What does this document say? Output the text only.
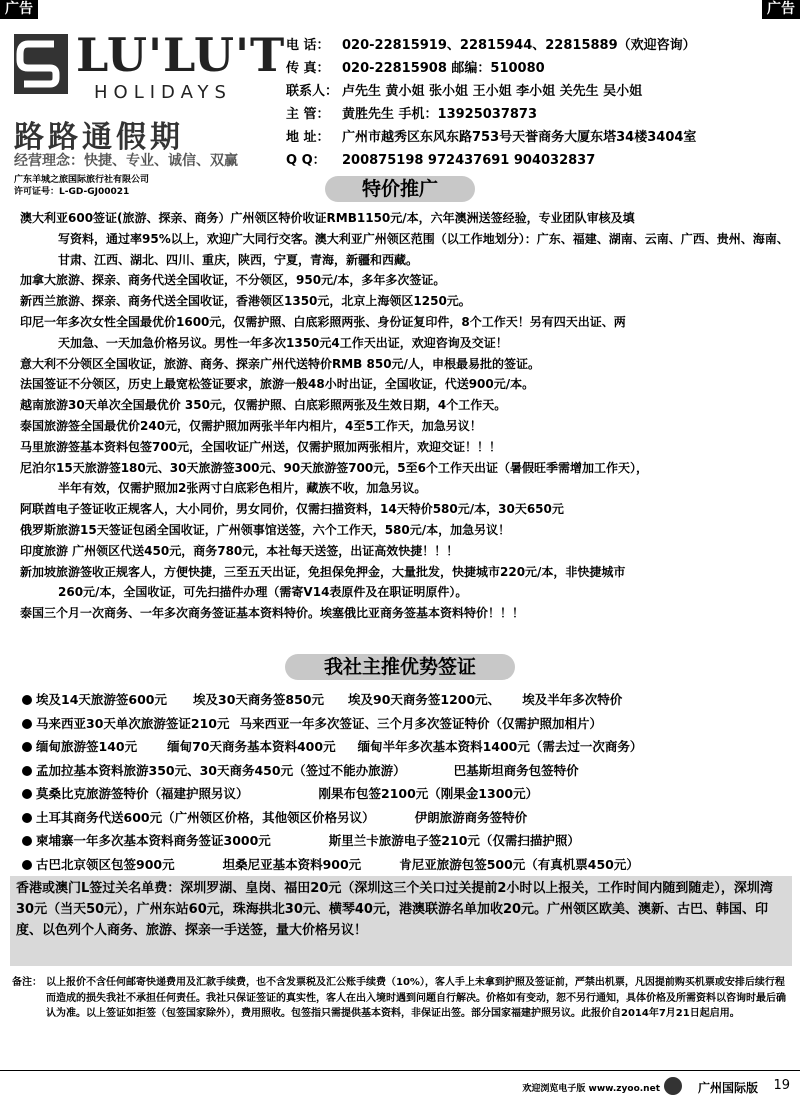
广告	广告
LU'LU'T
HOLIDAYS
路路通假期
经营理念：快捷、专业、诚信、双赢
广东羊城之旅国际旅行社有限公司
许可证号：L-GD-GJ00021
电 话： 020-22815919、22815944、22815889（欢迎咨询）
传 真： 020-22815908 邮编：510080
联系人： 卢先生 黄小姐 张小姐 王小姐 李小姐 关先生 吴小姐
主 管： 黄胜先生 手机：13925037873
地 址： 广州市越秀区东风东路753号天誉商务大厦东塔34楼3404室
Q Q： 200875198 972437691 904032837
特价推广
澳大利亚600签证(旅游、探亲、商务）广州领区特价收证RMB1150元/本，六年澳洲送签经验，专业团队审核及填
写资料，通过率95%以上，欢迎广大同行交客。澳大利亚广州领区范围（以工作地划分）：广东、福建、湖南、云南、广西、贵州、海南、甘肃、江西、湖北、四川、重庆，陕西，宁夏，青海，新疆和西藏。
加拿大旅游、探亲、商务代送全国收证，不分领区，950元/本，多年多次签证。
新西兰旅游、探亲、商务代送全国收证，香港领区1350元，北京上海领区1250元。
印尼一年多次女性全国最优价1600元，仅需护照、白底彩照两张、身份证复印件，8个工作天！另有四天出证、两
天加急、一天加急价格另议。男性一年多次1350元4工作天出证，欢迎咨询及交证！
意大利不分领区全国收证，旅游、商务、探亲广州代送特价RMB 850元/人，申根最易批的签证。
法国签证不分领区，历史上最宽松签证要求，旅游一般48小时出证，全国收证，代送900元/本。
越南旅游30天单次全国最优价 350元，仅需护照、白底彩照两张及生效日期，4个工作天。
泰国旅游签全国最优价240元，仅需护照加两张半年内相片，4至5工作天，加急另议！
马里旅游签基本资料包签700元，全国收证广州送，仅需护照加两张相片，欢迎交证！！！
尼泊尔15天旅游签180元、30天旅游签300元、90天旅游签700元，5至6个工作天出证（暑假旺季需增加工作天），
半年有效，仅需护照加2张两寸白底彩色相片，藏族不收，加急另议。
阿联酋电子签证收正规客人，大小同价，男女同价，仅需扫描资料，14天特价580元/本，30天650元
俄罗斯旅游15天签证包函全国收证，广州领事馆送签，六个工作天，580元/本，加急另议！
印度旅游 广州领区代送450元，商务780元，本社每天送签，出证高效快捷！！！
新加坡旅游签收正规客人，方便快捷，三至五天出证，免担保免押金，大量批发，快捷城市220元/本，非快捷城市
260元/本，全国收证，可先扫描件办理（需寄V14表原件及在职证明原件）。
泰国三个月一次商务、一年多次商务签证基本资料特价。埃塞俄比亚商务签基本资料特价！！！
我社主推优势签证
埃及14天旅游签600元 埃及30天商务签850元 埃及90天商务签1200元、 埃及半年多次特价
马来西亚30天单次旅游签证210元 马来西亚一年多次签证、三个月多次签证特价（仅需护照加相片）
缅甸旅游签140元 缅甸70天商务基本资料400元 缅甸半年多次基本资料1400元（需去过一次商务）
孟加拉基本资料旅游350元、30天商务450元（签过不能办旅游）	巴基斯坦商务包签特价
莫桑比克旅游签特价（福建护照另议）	刚果布包签2100元（刚果金1300元）
土耳其商务代送600元（广州领区价格，其他领区价格另议）	伊朗旅游商务签特价
柬埔寨一年多次基本资料商务签证3000元	斯里兰卡旅游电子签210元（仅需扫描护照）
古巴北京领区包签900元	坦桑尼亚基本资料900元	肯尼亚旅游包签500元（有真机票450元）
香港或澳门L签过关名单费：深圳罗湖、皇岗、福田20元（深圳这三个关口过关提前2小时以上报关，工作时间内随到随走），深圳湾30元（当天50元），广州东站60元，珠海拱北30元、横琴40元，港澳联游名单加收20元。广州领区欧美、澳新、古巴、韩国、印度、以色列个人商务、旅游、探亲一手送签，量大价格另议！
备注： 以上报价不含任何邮寄快递费用及汇款手续费，也不含发票税及汇公账手续费（10%），客人手上未拿到护照及签证前，严禁出机票，凡因提前购买机票或安排后续行程而造成的损失我社不承担任何责任。我社只保证签证的真实性，客人在出入境时遇到问题自行解决。价格如有变动，恕不另行通知，具体价格及所需资料以咨询时最后确认为准。以上签证如拒签（包签国家除外），费用照收。包签指只需提供基本资料，非保证出签。部分国家福建护照另议。此报价自2014年7月21日起启用。
欢迎浏览电子版 www.zyoo.net	广州国际版 19
